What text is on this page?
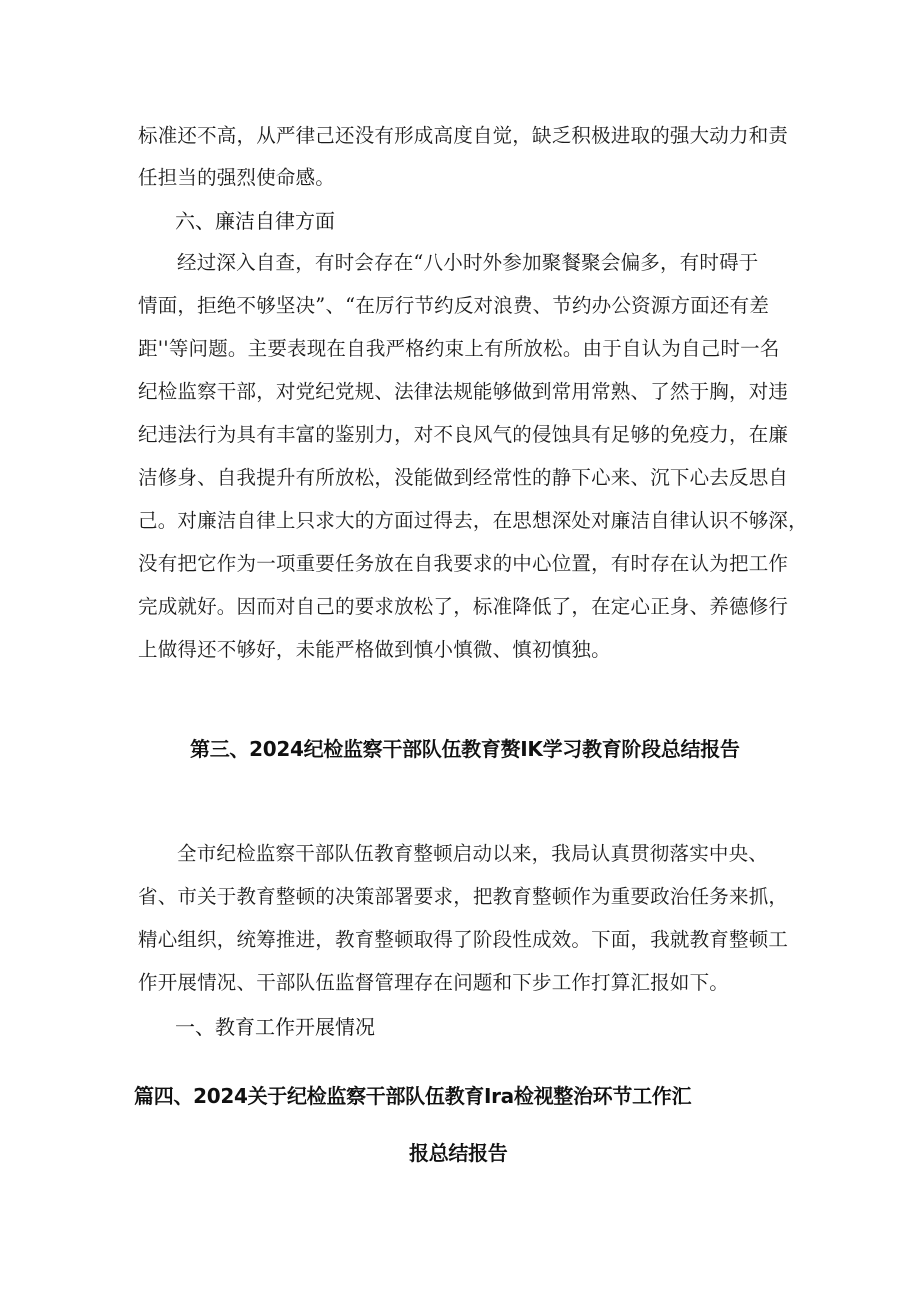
标准还不高，从严律己还没有形成高度自觉，缺乏积极进取的强大动力和责
任担当的强烈使命感。
六、廉洁自律方面
经过深入自查，有时会存在“八小时外参加聚餐聚会偏多，有时碍于
情面，拒绝不够坚决”、“在厉行节约反对浪费、节约办公资源方面还有差
距''等问题。主要表现在自我严格约束上有所放松。由于自认为自己时一名
纪检监察干部，对党纪党规、法律法规能够做到常用常熟、了然于胸，对违
纪违法行为具有丰富的鉴别力，对不良风气的侵蚀具有足够的免疫力，在廉
洁修身、自我提升有所放松，没能做到经常性的静下心来、沉下心去反思自
己。对廉洁自律上只求大的方面过得去，在思想深处对廉洁自律认识不够深，
没有把它作为一项重要任务放在自我要求的中心位置，有时存在认为把工作
完成就好。因而对自己的要求放松了，标准降低了，在定心正身、养德修行
上做得还不够好，未能严格做到慎小慎微、慎初慎独。
第三、2024纪检监察干部队伍教育赘IK学习教育阶段总结报告
全市纪检监察干部队伍教育整顿启动以来，我局认真贯彻落实中央、
省、市关于教育整顿的决策部署要求，把教育整顿作为重要政治任务来抓，
精心组织，统筹推进，教育整顿取得了阶段性成效。下面，我就教育整顿工
作开展情况、干部队伍监督管理存在问题和下步工作打算汇报如下。
一、教育工作开展情况
篇四、2024关于纪检监察干部队伍教育Ira检视整治环节工作汇
报总结报告
